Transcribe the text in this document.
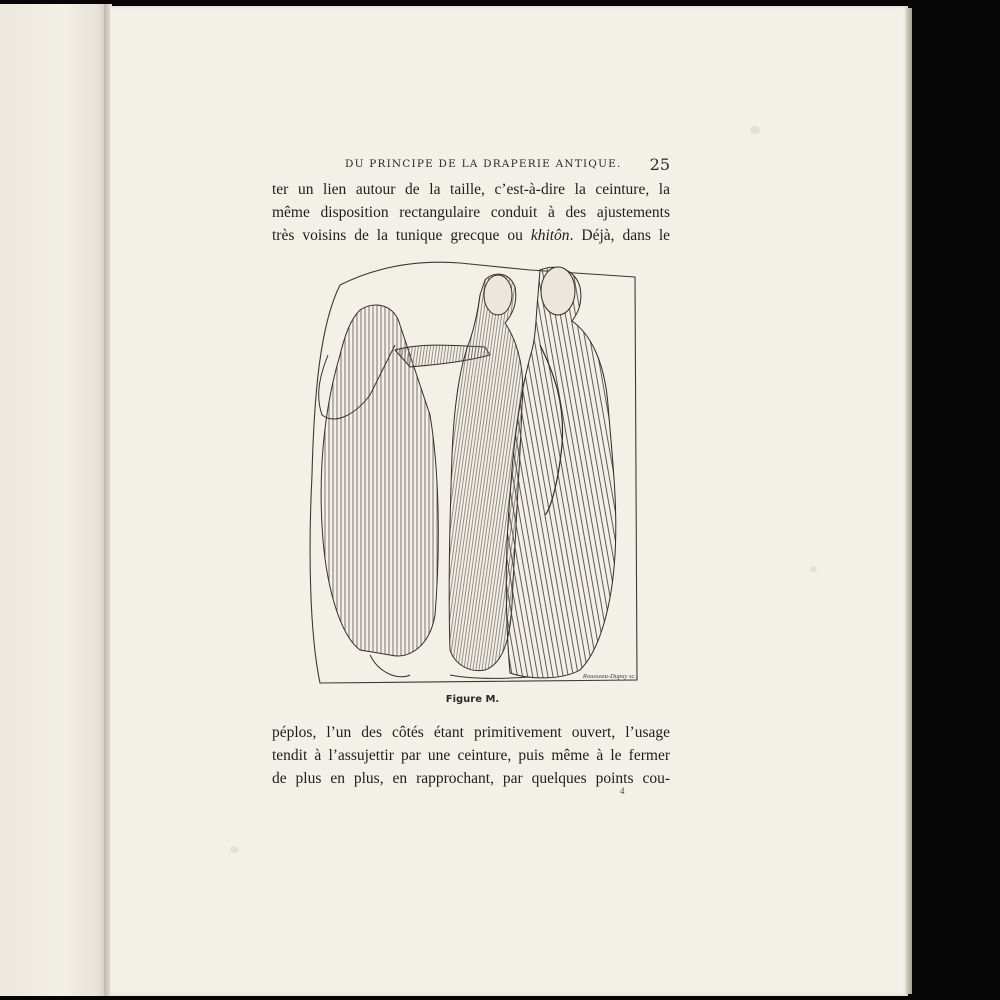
DU PRINCIPE DE LA DRAPERIE ANTIQUE. 25
ter un lien autour de la taille, c’est-à-dire la ceinture, la
même disposition rectangulaire conduit à des ajustements
très voisins de la tunique grecque ou khitôn. Déjà, dans le
Rousseau-Dupuy sc.
Figure M.
péplos, l’un des côtés étant primitivement ouvert, l’usage
tendit à l’assujettir par une ceinture, puis même à le fermer
de plus en plus, en rapprochant, par quelques points cou-
4
